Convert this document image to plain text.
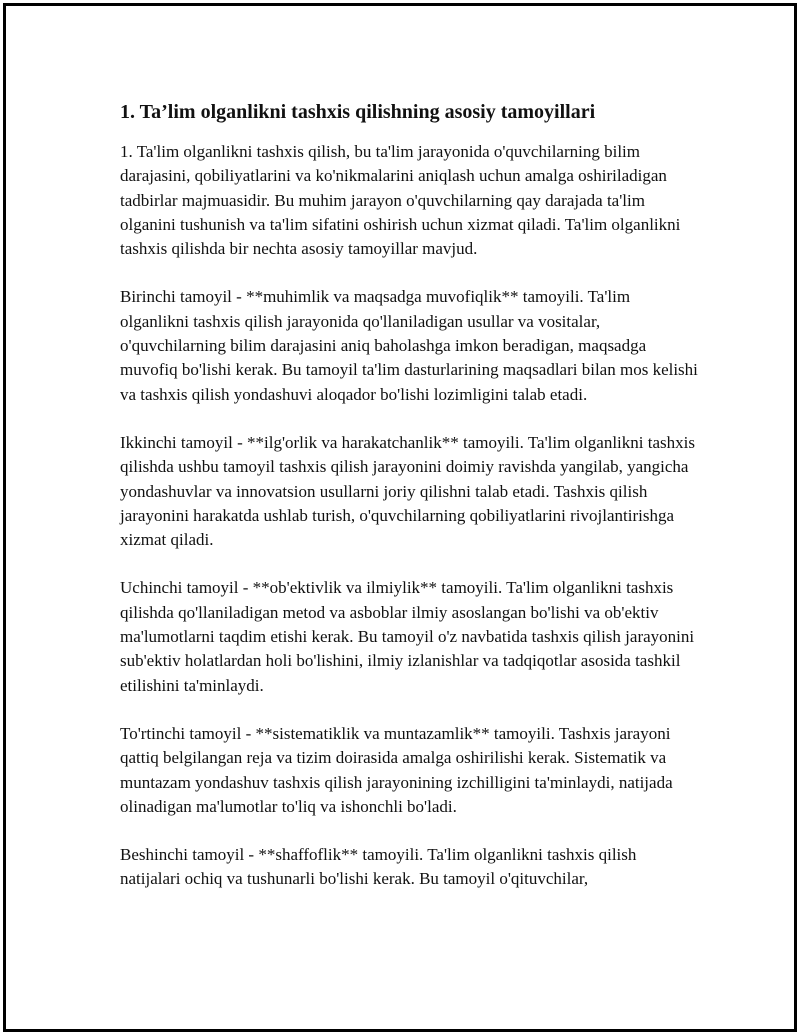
1. Ta’lim olganlikni tashxis qilishning asosiy tamoyillari

1. Ta'lim olganlikni tashxis qilish, bu ta'lim jarayonida o'quvchilarning bilim darajasini, qobiliyatlarini va ko'nikmalarini aniqlash uchun amalga oshiriladigan tadbirlar majmuasidir. Bu muhim jarayon o'quvchilarning qay darajada ta'lim olganini tushunish va ta'lim sifatini oshirish uchun xizmat qiladi. Ta'lim olganlikni tashxis qilishda bir nechta asosiy tamoyillar mavjud.

Birinchi tamoyil - **muhimlik va maqsadga muvofiqlik** tamoyili. Ta'lim olganlikni tashxis qilish jarayonida qo'llaniladigan usullar va vositalar, o'quvchilarning bilim darajasini aniq baholashga imkon beradigan, maqsadga muvofiq bo'lishi kerak. Bu tamoyil ta'lim dasturlarining maqsadlari bilan mos kelishi va tashxis qilish yondashuvi aloqador bo'lishi lozimligini talab etadi.

Ikkinchi tamoyil - **ilg'orlik va harakatchanlik** tamoyili. Ta'lim olganlikni tashxis qilishda ushbu tamoyil tashxis qilish jarayonini doimiy ravishda yangilab, yangicha yondashuvlar va innovatsion usullarni joriy qilishni talab etadi. Tashxis qilish jarayonini harakatda ushlab turish, o'quvchilarning qobiliyatlarini rivojlantirishga xizmat qiladi.

Uchinchi tamoyil - **ob'ektivlik va ilmiylik** tamoyili. Ta'lim olganlikni tashxis qilishda qo'llaniladigan metod va asboblar ilmiy asoslangan bo'lishi va ob'ektiv ma'lumotlarni taqdim etishi kerak. Bu tamoyil o'z navbatida tashxis qilish jarayonini sub'ektiv holatlardan holi bo'lishini, ilmiy izlanishlar va tadqiqotlar asosida tashkil etilishini ta'minlaydi.

To'rtinchi tamoyil - **sistematiklik va muntazamlik** tamoyili. Tashxis jarayoni qattiq belgilangan reja va tizim doirasida amalga oshirilishi kerak. Sistematik va muntazam yondashuv tashxis qilish jarayonining izchilligini ta'minlaydi, natijada olinadigan ma'lumotlar to'liq va ishonchli bo'ladi.

Beshinchi tamoyil - **shaffoflik** tamoyili. Ta'lim olganlikni tashxis qilish natijalari ochiq va tushunarli bo'lishi kerak. Bu tamoyil o'qituvchilar,
